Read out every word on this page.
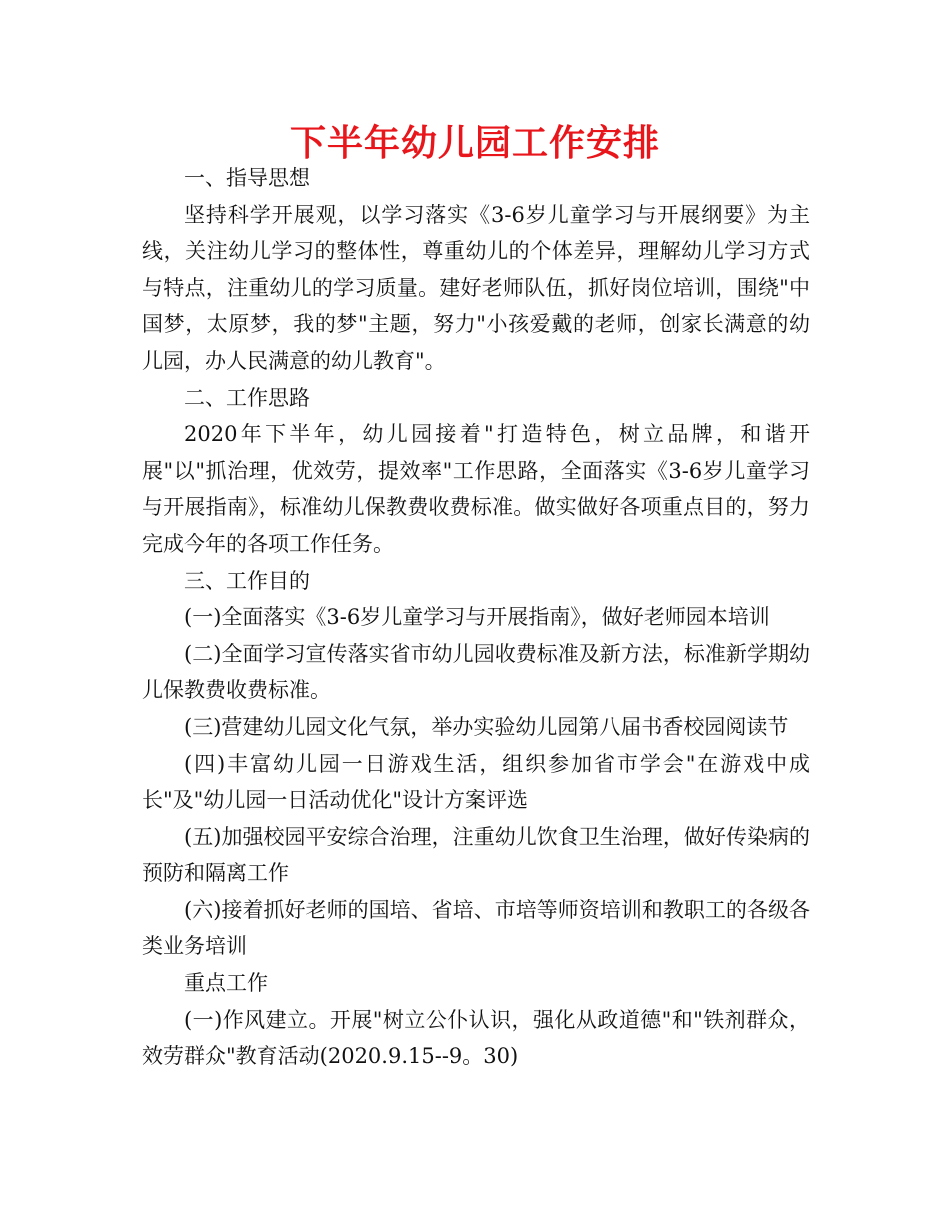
下半年幼儿园工作安排

一、指导思想

坚持科学开展观，以学习落实《3-6岁儿童学习与开展纲要》为主线，关注幼儿学习的整体性，尊重幼儿的个体差异，理解幼儿学习方式与特点，注重幼儿的学习质量。建好老师队伍，抓好岗位培训，围绕"中国梦，太原梦，我的梦"主题，努力"小孩爱戴的老师，创家长满意的幼儿园，办人民满意的幼儿教育"。

二、工作思路

2020年下半年，幼儿园接着"打造特色，树立品牌，和谐开展"以"抓治理，优效劳，提效率"工作思路，全面落实《3-6岁儿童学习与开展指南》，标准幼儿保教费收费标准。做实做好各项重点目的，努力完成今年的各项工作任务。

三、工作目的

(一)全面落实《3-6岁儿童学习与开展指南》，做好老师园本培训

(二)全面学习宣传落实省市幼儿园收费标准及新方法，标准新学期幼儿保教费收费标准。

(三)营建幼儿园文化气氛，举办实验幼儿园第八届书香校园阅读节

(四)丰富幼儿园一日游戏生活，组织参加省市学会"在游戏中成长"及"幼儿园一日活动优化"设计方案评选

(五)加强校园平安综合治理，注重幼儿饮食卫生治理，做好传染病的预防和隔离工作

(六)接着抓好老师的国培、省培、市培等师资培训和教职工的各级各类业务培训

重点工作

(一)作风建立。开展"树立公仆认识，强化从政道德"和"铁剂群众，效劳群众"教育活动(2020.9.15--9。30)
